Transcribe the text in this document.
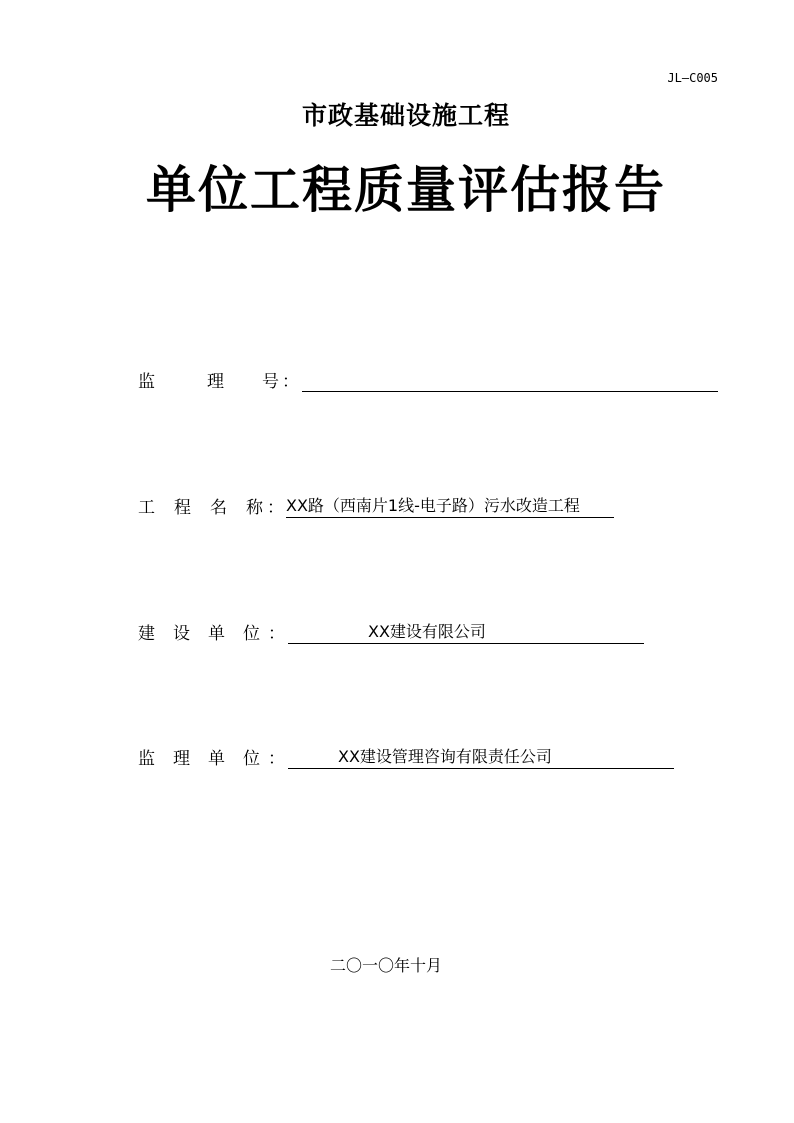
JL—C005
市政基础设施工程
单位工程质量评估报告
监	理	号 ：
工	程	名	称 ： XX路（西南片1线-电子路）污水改造工程
建	设	单	位 ：	XX建设有限公司
监	理	单	位 ：	XX建设管理咨询有限责任公司
二〇一〇年十月
